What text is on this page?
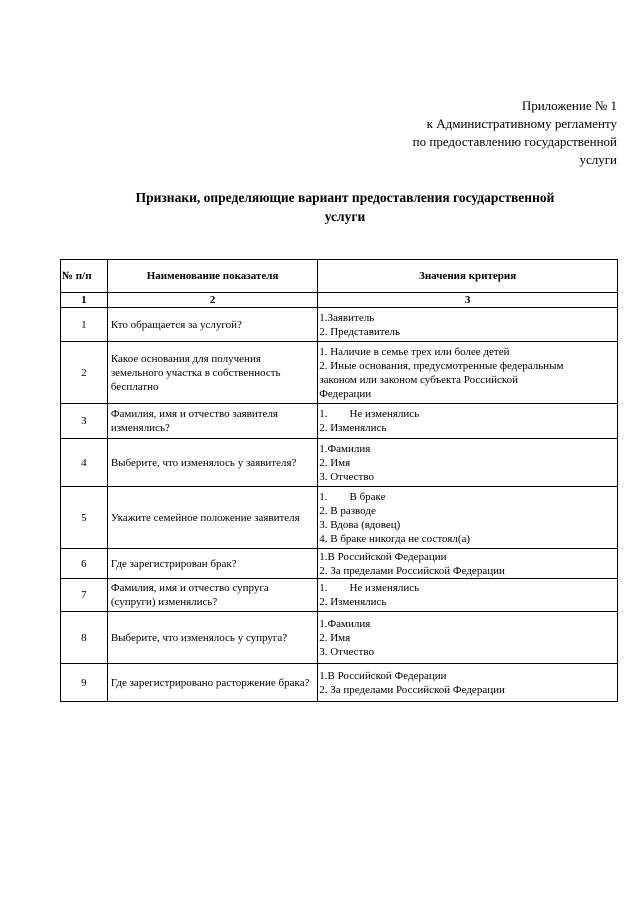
Приложение № 1
к Административному регламенту
по предоставлению государственной
услуги
Признаки, определяющие вариант предоставления государственной
услуги
№ п/п	Наименование показателя	Значения критерия
1	2	3
1	Кто обращается за услугой?	1.Заявитель
2. Представитель

2	Какое основания для получения земельного участка в собственность бесплатно	1. Наличие в семье трех или более детей
2. Иные основания, предусмотренные федеральным
законом или законом субъекта Российской
Федерации

3	Фамилия, имя и отчество заявителя изменялись?	1.        Не изменялись
2. Изменялись

4	Выберите, что изменялось у заявителя?	1.Фамилия
2. Имя
3. Отчество

5	Укажите семейное положение заявителя	1.        В браке
2. В разводе
3. Вдова (вдовец)
4. В браке никогда не состоял(а)

6	Где зарегистрирован брак?	1.В Российской Федерации
2. За пределами Российской Федерации

7	Фамилия, имя и отчество супруга (супруги) изменялись?	1.        Не изменялись
2. Изменялись

8	Выберите, что изменялось у супруга?	1.Фамилия
2. Имя
3. Отчество

9	Где зарегистрировано расторжение брака?	1.В Российской Федерации
2. За пределами Российской Федерации
